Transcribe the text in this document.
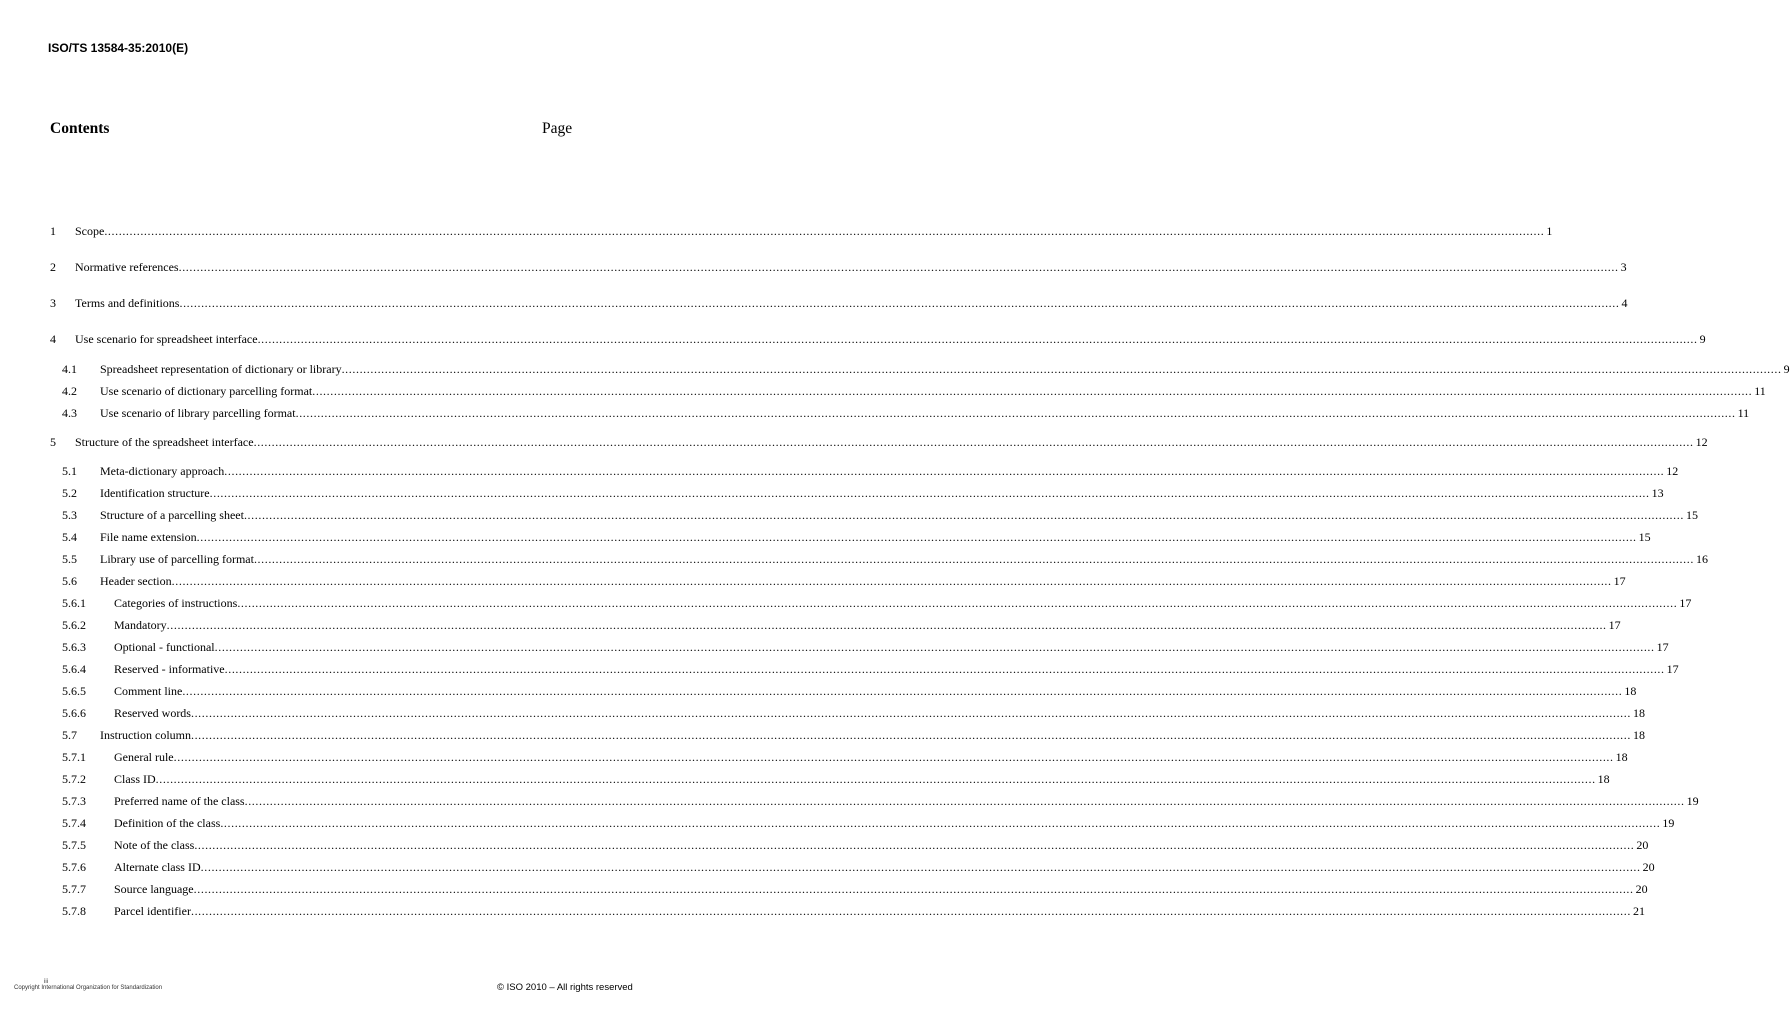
ISO/TS 13584-35:2010(E)
Contents	Page
1 Scope ................................................................................................................................................................................................................................................................................................................................................................................................................ 1
2 Normative references ................................................................................................................................................................................................................................................................................................................................................................................................................ 3
3 Terms and definitions ................................................................................................................................................................................................................................................................................................................................................................................................................ 4
4 Use scenario for spreadsheet interface ................................................................................................................................................................................................................................................................................................................................................................................................................ 9
4.1 Spreadsheet representation of dictionary or library ................................................................................................................................................................................................................................................................................................................................................................................................................ 9
4.2 Use scenario of dictionary parcelling format ................................................................................................................................................................................................................................................................................................................................................................................................................ 11
4.3 Use scenario of library parcelling format ................................................................................................................................................................................................................................................................................................................................................................................................................ 11
5 Structure of the spreadsheet interface ................................................................................................................................................................................................................................................................................................................................................................................................................ 12
5.1 Meta-dictionary approach ................................................................................................................................................................................................................................................................................................................................................................................................................ 12
5.2 Identification structure ................................................................................................................................................................................................................................................................................................................................................................................................................ 13
5.3 Structure of a parcelling sheet ................................................................................................................................................................................................................................................................................................................................................................................................................ 15
5.4 File name extension ................................................................................................................................................................................................................................................................................................................................................................................................................ 15
5.5 Library use of parcelling format ................................................................................................................................................................................................................................................................................................................................................................................................................ 16
5.6 Header section ................................................................................................................................................................................................................................................................................................................................................................................................................ 17
5.6.1 Categories of instructions ................................................................................................................................................................................................................................................................................................................................................................................................................ 17
5.6.2 Mandatory ................................................................................................................................................................................................................................................................................................................................................................................................................ 17
5.6.3 Optional - functional ................................................................................................................................................................................................................................................................................................................................................................................................................ 17
5.6.4 Reserved - informative ................................................................................................................................................................................................................................................................................................................................................................................................................ 17
5.6.5 Comment line ................................................................................................................................................................................................................................................................................................................................................................................................................ 18
5.6.6 Reserved words ................................................................................................................................................................................................................................................................................................................................................................................................................ 18
5.7 Instruction column ................................................................................................................................................................................................................................................................................................................................................................................................................ 18
5.7.1 General rule ................................................................................................................................................................................................................................................................................................................................................................................................................ 18
5.7.2 Class ID ................................................................................................................................................................................................................................................................................................................................................................................................................ 18
5.7.3 Preferred name of the class ................................................................................................................................................................................................................................................................................................................................................................................................................ 19
5.7.4 Definition of the class ................................................................................................................................................................................................................................................................................................................................................................................................................ 19
5.7.5 Note of the class ................................................................................................................................................................................................................................................................................................................................................................................................................ 20
5.7.6 Alternate class ID ................................................................................................................................................................................................................................................................................................................................................................................................................ 20
5.7.7 Source language ................................................................................................................................................................................................................................................................................................................................................................................................................ 20
5.7.8 Parcel identifier ................................................................................................................................................................................................................................................................................................................................................................................................................ 21
iii
Copyright International Organization for Standardization	© ISO 2010 – All rights reserved
